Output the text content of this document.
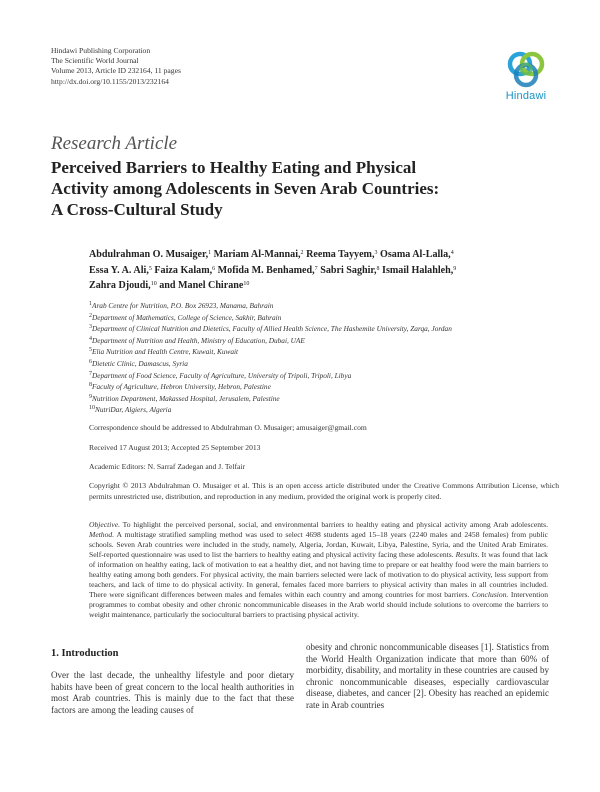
Hindawi Publishing Corporation
The Scientific World Journal
Volume 2013, Article ID 232164, 11 pages
http://dx.doi.org/10.1155/2013/232164
Hindawi
Research Article
Perceived Barriers to Healthy Eating and Physical
Activity among Adolescents in Seven Arab Countries:
A Cross-Cultural Study
Abdulrahman O. Musaiger,$^1$ Mariam Al-Mannai,$^2$ Reema Tayyem,$^3$ Osama Al-Lalla,$^4$
Essa Y. A. Ali,$^5$ Faiza Kalam,$^6$ Mofida M. Benhamed,$^7$ Sabri Saghir,$^8$ Ismail Halahleh,$^9$
Zahra Djoudi,$^{10}$ and Manel Chirane$^{10}$
$^1$Arab Centre for Nutrition, P.O. Box 26923, Manama, Bahrain
$^2$Department of Mathematics, College of Science, Sakhir, Bahrain
$^3$Department of Clinical Nutrition and Dietetics, Faculty of Allied Health Science, The Hashemite University, Zarqa, Jordan
$^4$Department of Nutrition and Health, Ministry of Education, Dubai, UAE
$^5$Elia Nutrition and Health Centre, Kuwait, Kuwait
$^6$Dietetic Clinic, Damascus, Syria
$^7$Department of Food Science, Faculty of Agriculture, University of Tripoli, Tripoli, Libya
$^8$Faculty of Agriculture, Hebron University, Hebron, Palestine
$^9$Nutrition Department, Makassed Hospital, Jerusalem, Palestine
$^{10}$NutriDar, Algiers, Algeria
Correspondence should be addressed to Abdulrahman O. Musaiger; amusaiger@gmail.com
Received 17 August 2013; Accepted 25 September 2013
Academic Editors: N. Sarraf Zadegan and J. Telfair
Copyright © 2013 Abdulrahman O. Musaiger et al. This is an open access article distributed under the Creative Commons Attribution License, which permits unrestricted use, distribution, and reproduction in any medium, provided the original work is properly cited.
Objective. To highlight the perceived personal, social, and environmental barriers to healthy eating and physical activity among Arab adolescents. Method. A multistage stratified sampling method was used to select 4698 students aged 15–18 years (2240 males and 2458 females) from public schools. Seven Arab countries were included in the study, namely, Algeria, Jordan, Kuwait, Libya, Palestine, Syria, and the United Arab Emirates. Self-reported questionnaire was used to list the barriers to healthy eating and physical activity facing these adolescents. Results. It was found that lack of information on healthy eating, lack of motivation to eat a healthy diet, and not having time to prepare or eat healthy food were the main barriers to healthy eating among both genders. For physical activity, the main barriers selected were lack of motivation to do physical activity, less support from teachers, and lack of time to do physical activity. In general, females faced more barriers to physical activity than males in all countries included. There were significant differences between males and females within each country and among countries for most barriers. Conclusion. Intervention programmes to combat obesity and other chronic noncommunicable diseases in the Arab world should include solutions to overcome the barriers to weight maintenance, particularly the sociocultural barriers to practising physical activity.
1. Introduction
Over the last decade, the unhealthy lifestyle and poor dietary habits have been of great concern to the local health authorities in most Arab countries. This is mainly due to the fact that these factors are among the leading causes of
obesity and chronic noncommunicable diseases [1]. Statistics from the World Health Organization indicate that more than 60% of morbidity, disability, and mortality in these countries are caused by chronic noncommunicable diseases, especially cardiovascular disease, diabetes, and cancer [2]. Obesity has reached an epidemic rate in Arab countries
